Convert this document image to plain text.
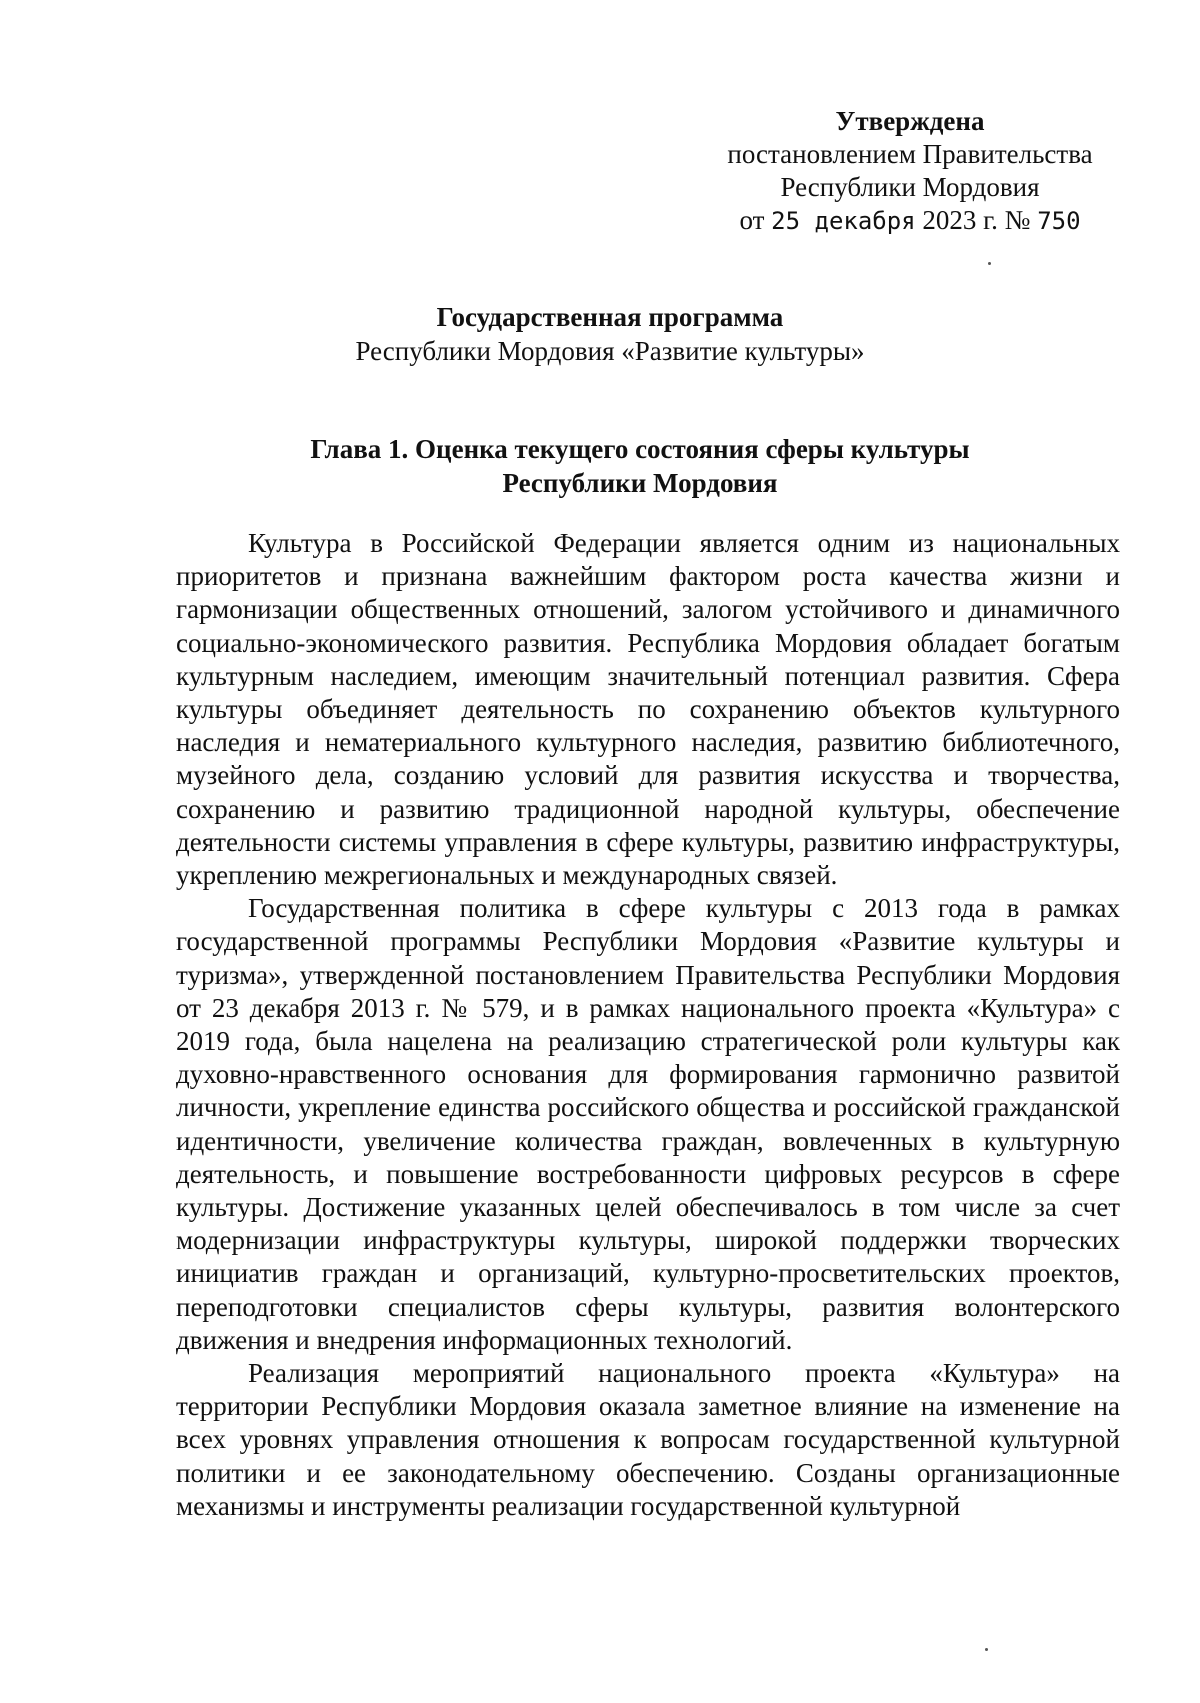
Утверждена
постановлением Правительства
Республики Мордовия
от 25 декабря 2023 г. № 750
Государственная программа
Республики Мордовия «Развитие культуры»
Глава 1. Оценка текущего состояния сферы культуры
Республики Мордовия

Культура в Российской Федерации является одним из национальных приоритетов и признана важнейшим фактором роста качества жизни и гармонизации общественных отношений, залогом устойчивого и динамичного социально-экономического развития. Республика Мордовия обладает богатым культурным наследием, имеющим значительный потенциал развития. Сфера культуры объединяет деятельность по сохранению объектов культурного наследия и нематериального культурного наследия, развитию библиотечного, музейного дела, созданию условий для развития искусства и творчества, сохранению и развитию традиционной народной культуры, обеспечение деятельности системы управления в сфере культуры, развитию инфраструктуры, укреплению межрегиональных и международных связей.

Государственная политика в сфере культуры с 2013 года в рамках государственной программы Республики Мордовия «Развитие культуры и туризма», утвержденной постановлением Правительства Республики Мордовия от 23 декабря 2013 г. № 579, и в рамках национального проекта «Культура» с 2019 года, была нацелена на реализацию стратегической роли культуры как духовно-нравственного основания для формирования гармонично развитой личности, укрепление единства российского общества и российской гражданской идентичности, увеличение количества граждан, вовлеченных в культурную деятельность, и повышение востребованности цифровых ресурсов в сфере культуры. Достижение указанных целей обеспечивалось в том числе за счет модернизации инфраструктуры культуры, широкой поддержки творческих инициатив граждан и организаций, культурно-просветительских проектов, переподготовки специалистов сферы культуры, развития волонтерского движения и внедрения информационных технологий.

Реализация мероприятий национального проекта «Культура» на территории Республики Мордовия оказала заметное влияние на изменение на всех уровнях управления отношения к вопросам государственной культурной политики и ее законодательному обеспечению. Созданы организационные механизмы и инструменты реализации государственной культурной
